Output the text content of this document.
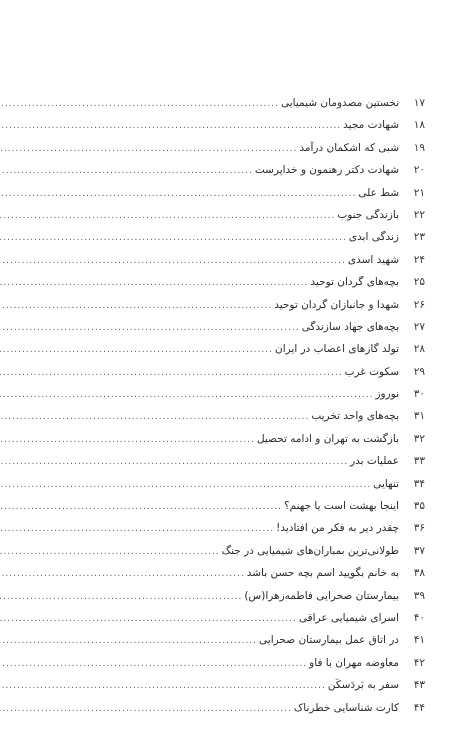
۱۷
نخستین مصدومان شیمیایی
.....
۱۸
شهادت مجید
.....
۱۹
شبی که اشکمان درآمد
.....
۲۰
شهادت دکتر رهنمون و خداپرست
.....
۲۱
شط علی
.....
۲۲
بازندگی جنوب
.....
۲۳
زندگی ابدی
.....
۲۴
شهید اسدی
.....
۲۵
بچه‌های گردان توحید
.....
۲۶
شهدا و جانبازان گردان توحید
.....
۲۷
بچه‌های جهاد سازندگی
.....
۲۸
تولد گازهای اعصاب در ایران
.....
۲۹
سکوت غرب
.....
۳۰
نوروز
.....
۳۱
بچه‌های واحد تخریب
.....
۳۲
بازگشت به تهران و ادامه تحصیل
.....
۳۳
عملیات بدر
.....
۳۴
تنهایی
.....
۳۵
اینجا بهشت است یا جهنم؟
.....
۳۶
چقدر دیر به فکر من افتادید!
.....
۳۷
طولانی‌ترین بمباران‌های شیمیایی در جنگ
.....
۳۸
به خانم بگویید اسم بچه حسن باشد
.....
۳۹
بیمارستان صحرایی فاطمه‌زهرا(س)
.....
۴۰
اسرای شیمیایی عراقی
.....
۴۱
در اتاق عمل بیمارستان صحرایی
.....
۴۲
معاوضه مهران با فاو
.....
۴۳
سفر به بَردَسکَن
.....
۴۴
کارت شناسایی خطرناک
.....
